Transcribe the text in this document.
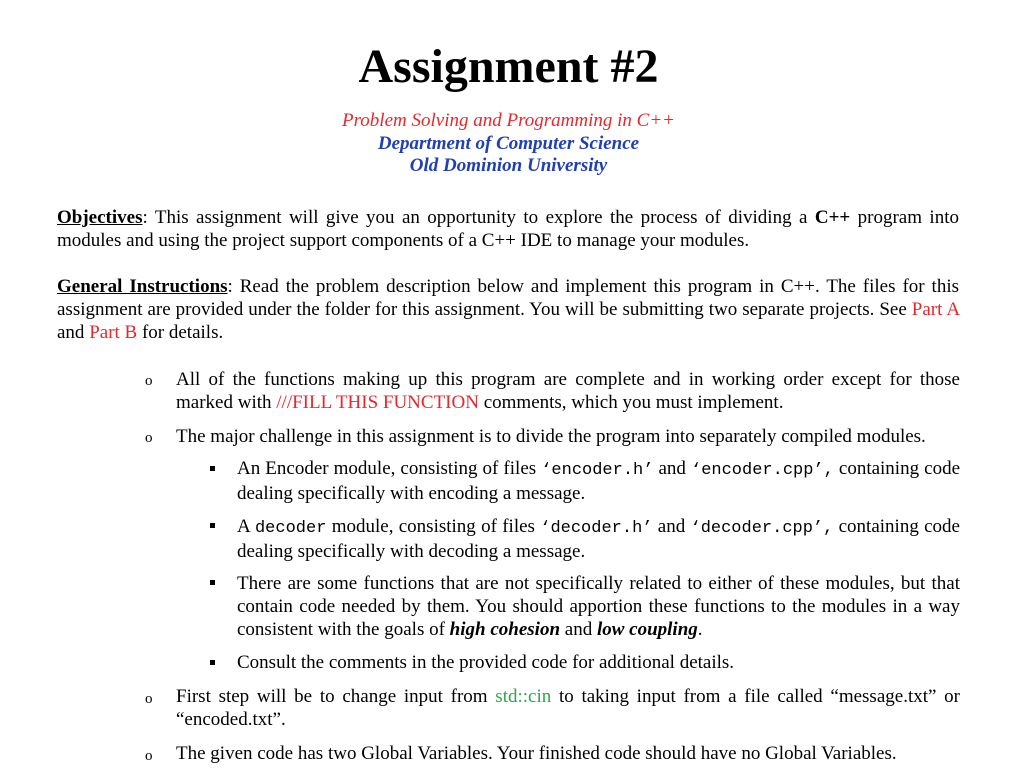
Assignment #2
Problem Solving and Programming in C++
Department of Computer Science
Old Dominion University
Objectives: This assignment will give you an opportunity to explore the process of dividing a C++ program into modules and using the project support components of a C++ IDE to manage your modules.
General Instructions: Read the problem description below and implement this program in C++. The files for this assignment are provided under the folder for this assignment. You will be submitting two separate projects. See Part A and Part B for details.
o All of the functions making up this program are complete and in working order except for those marked with ///FILL THIS FUNCTION comments, which you must implement.
o The major challenge in this assignment is to divide the program into separately compiled modules.
An Encoder module, consisting of files ‘encoder.h’ and ‘encoder.cpp’, containing code dealing specifically with encoding a message.
A decoder module, consisting of files ‘decoder.h’ and ‘decoder.cpp’, containing code dealing specifically with decoding a message.
There are some functions that are not specifically related to either of these modules, but that contain code needed by them. You should apportion these functions to the modules in a way consistent with the goals of high cohesion and low coupling.
Consult the comments in the provided code for additional details.
o First step will be to change input from std::cin to taking input from a file called “message.txt” or “encoded.txt”.
o The given code has two Global Variables. Your finished code should have no Global Variables.
